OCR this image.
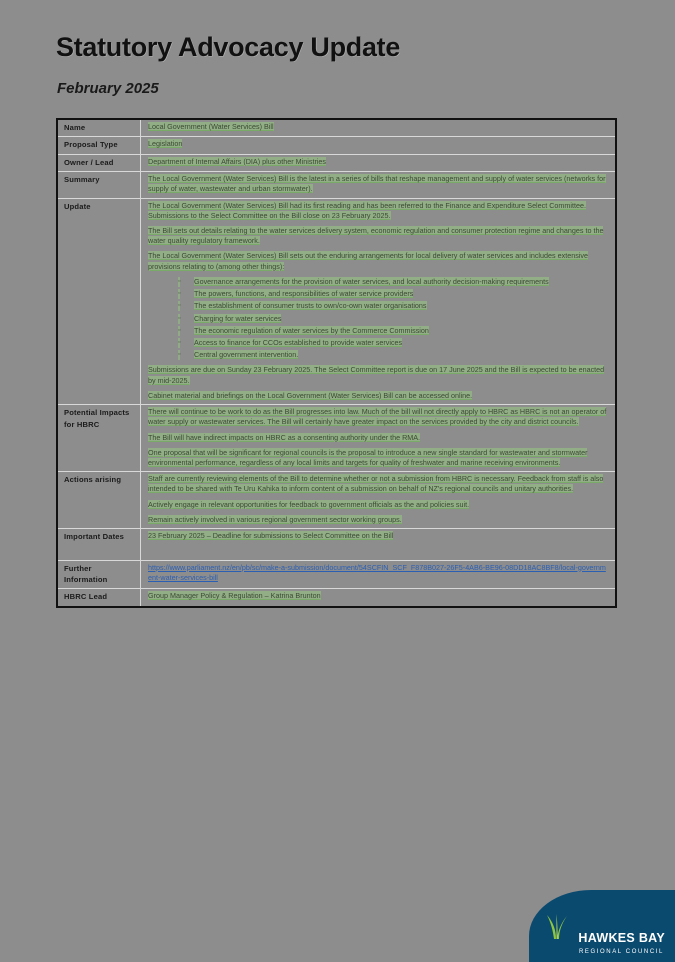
Statutory Advocacy Update
February 2025
Name	Local Government (Water Services) Bill

Proposal Type	Legislation

Owner / Lead	Department of Internal Affairs (DIA) plus other Ministries

Summary	The Local Government (Water Services) Bill is the latest in a series of bills that reshape management and supply of water services (networks for supply of water, wastewater and urban stormwater).

Update	The Local Government (Water Services) Bill had its first reading and has been referred to the Finance and Expenditure Select Committee. Submissions to the Select Committee on the Bill close on 23 February 2025.

The Bill sets out details relating to the water services delivery system, economic regulation and consumer protection regime and changes to the water quality regulatory framework.

The Local Government (Water Services) Bill sets out the enduring arrangements for local delivery of water services and includes extensive provisions relating to (among other things):

▫ Governance arrangements for the provision of water services, and local authority decision-making requirements
▫ The powers, functions, and responsibilities of water service providers
▫ The establishment of consumer trusts to own/co-own water organisations
▫ Charging for water services
▫ The economic regulation of water services by the Commerce Commission
▫ Access to finance for CCOs established to provide water services
▫ Central government intervention.

Submissions are due on Sunday 23 February 2025. The Select Committee report is due on 17 June 2025 and the Bill is expected to be enacted by mid-2025.

Cabinet material and briefings on the Local Government (Water Services) Bill can be accessed online.

Potential Impacts for HBRC	There will continue to be work to do as the Bill progresses into law. Much of the bill will not directly apply to HBRC as HBRC is not an operator of water supply or wastewater services. The Bill will certainly have greater impact on the services provided by the city and district councils.

The Bill will have indirect impacts on HBRC as a consenting authority under the RMA.

One proposal that will be significant for regional councils is the proposal to introduce a new single standard for wastewater and stormwater environmental performance, regardless of any local limits and targets for quality of freshwater and marine receiving environments.

Actions arising	Staff are currently reviewing elements of the Bill to determine whether or not a submission from HBRC is necessary. Feedback from staff is also intended to be shared with Te Uru Kahika to inform content of a submission on behalf of NZ's regional councils and unitary authorities.

Actively engage in relevant opportunities for feedback to government officials as the and policies suit.

Remain actively involved in various regional government sector working groups.

Important Dates	23 February 2025 – Deadline for submissions to Select Committee on the Bill

Further Information	https://www.parliament.nz/en/pb/sc/make-a-submission/document/54SCFIN_SCF_F878B027-26F5-4AB6-BE96-08DD18AC8BF8/local-government-water-services-bill

HBRC Lead	Group Manager Policy & Regulation – Katrina Brunton

HAWKES BAY
REGIONAL COUNCIL
